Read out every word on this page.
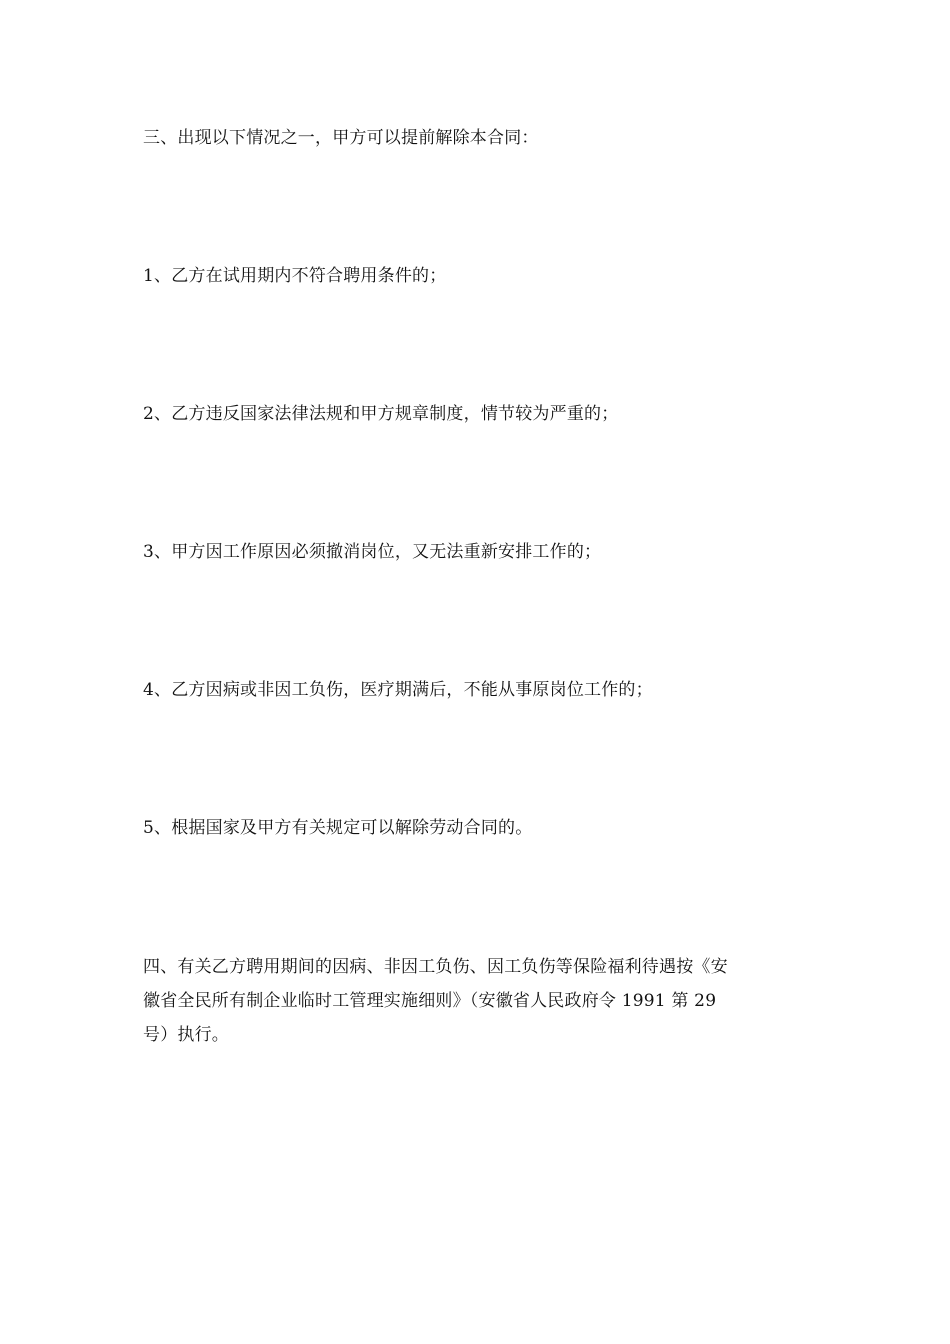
三、出现以下情况之一，甲方可以提前解除本合同：
1、乙方在试用期内不符合聘用条件的；
2、乙方违反国家法律法规和甲方规章制度，情节较为严重的；
3、甲方因工作原因必须撤消岗位，又无法重新安排工作的；
4、乙方因病或非因工负伤，医疗期满后，不能从事原岗位工作的；
5、根据国家及甲方有关规定可以解除劳动合同的。
四、有关乙方聘用期间的因病、非因工负伤、因工负伤等保险福利待遇按《安
徽省全民所有制企业临时工管理实施细则》（安徽省人民政府令 1991 第 29
号）执行。
